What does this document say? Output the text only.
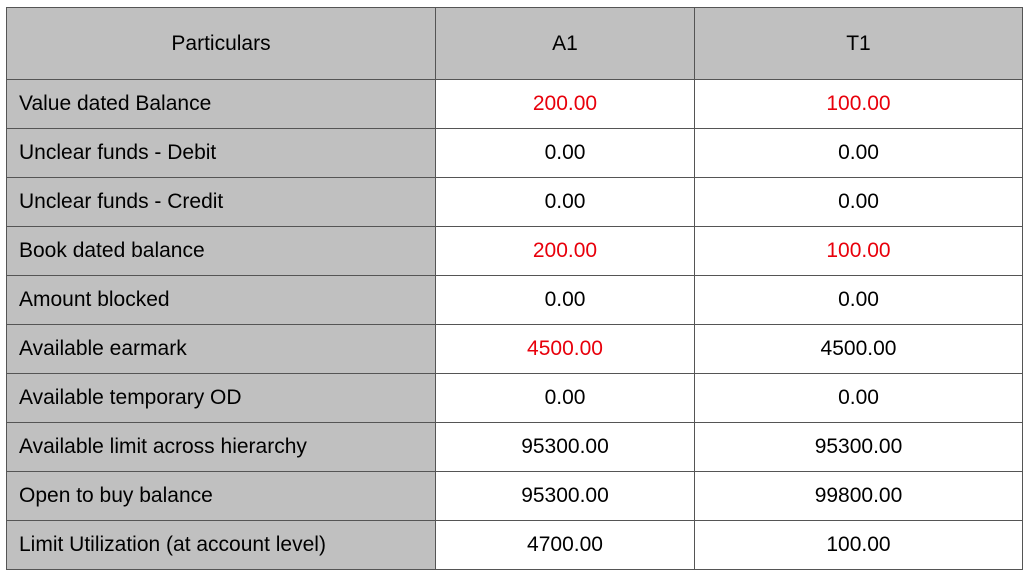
Particulars	A1	T1
Value dated Balance	200.00	100.00
Unclear funds - Debit	0.00	0.00
Unclear funds - Credit	0.00	0.00
Book dated balance	200.00	100.00
Amount blocked	0.00	0.00
Available earmark	4500.00	4500.00
Available temporary OD	0.00	0.00
Available limit across hierarchy	95300.00	95300.00
Open to buy balance	95300.00	99800.00
Limit Utilization (at account level)	4700.00	100.00
